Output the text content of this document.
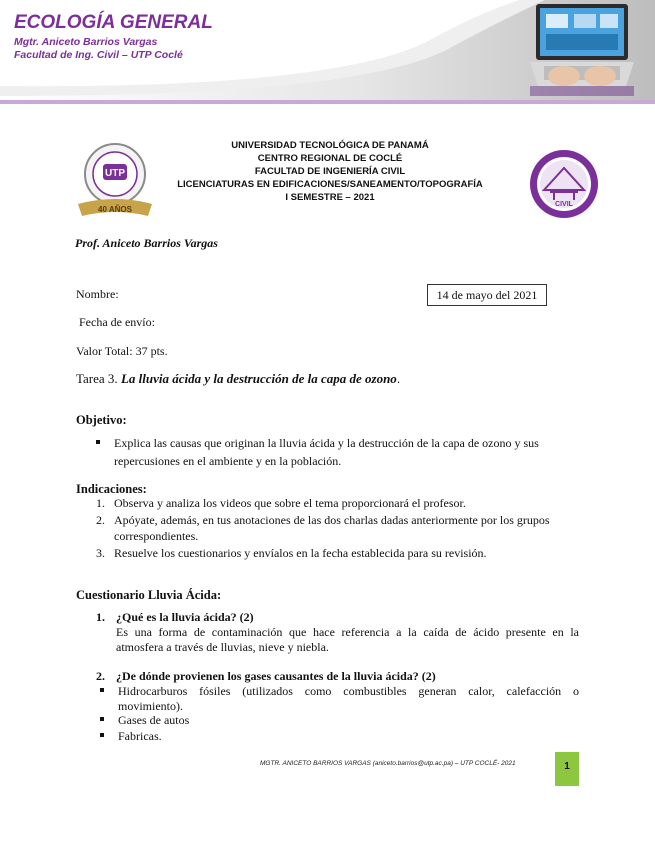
ECOLOGÍA GENERAL
Mgtr. Aniceto Barrios Vargas
Facultad de Ing. Civil – UTP Coclé
UTP
40 AÑOS
UNIVERSIDAD TECNOLÓGICA DE PANAMÁ
CENTRO REGIONAL DE COCLÉ
FACULTAD DE INGENIERÍA CIVIL
LICENCIATURAS EN EDIFICACIONES/SANEAMENTO/TOPOGRAFÍA
I SEMESTRE – 2021
CIVIL
Prof. Aniceto Barrios Vargas
Nombre:	14 de mayo del 2021
Fecha de envío:
Valor Total: 37 pts.
Tarea 3. La lluvia ácida y la destrucción de la capa de ozono.
Objetivo:
Explica las causas que originan la lluvia ácida y la destrucción de la capa de ozono y sus
repercusiones en el ambiente y en la población.
Indicaciones:
1. Observa y analiza los videos que sobre el tema proporcionará el profesor.
2. Apóyate, además, en tus anotaciones de las dos charlas dadas anteriormente por los grupos
correspondientes.
3. Resuelve los cuestionarios y envíalos en la fecha establecida para su revisión.
Cuestionario Lluvia Ácida:
1. ¿Qué es la lluvia ácida? (2)
Es una forma de contaminación que hace referencia a la caída de ácido presente en la
atmosfera a través de lluvias, nieve y niebla.
2. ¿De dónde provienen los gases causantes de la lluvia ácida? (2)
Hidrocarburos fósiles (utilizados como combustibles generan calor, calefacción o
movimiento).
Gases de autos
Fabricas.
MGTR. ANICETO BARRIOS VARGAS (aniceto.barrios@utp.ac.pa) – UTP COCLÉ- 2021	1
